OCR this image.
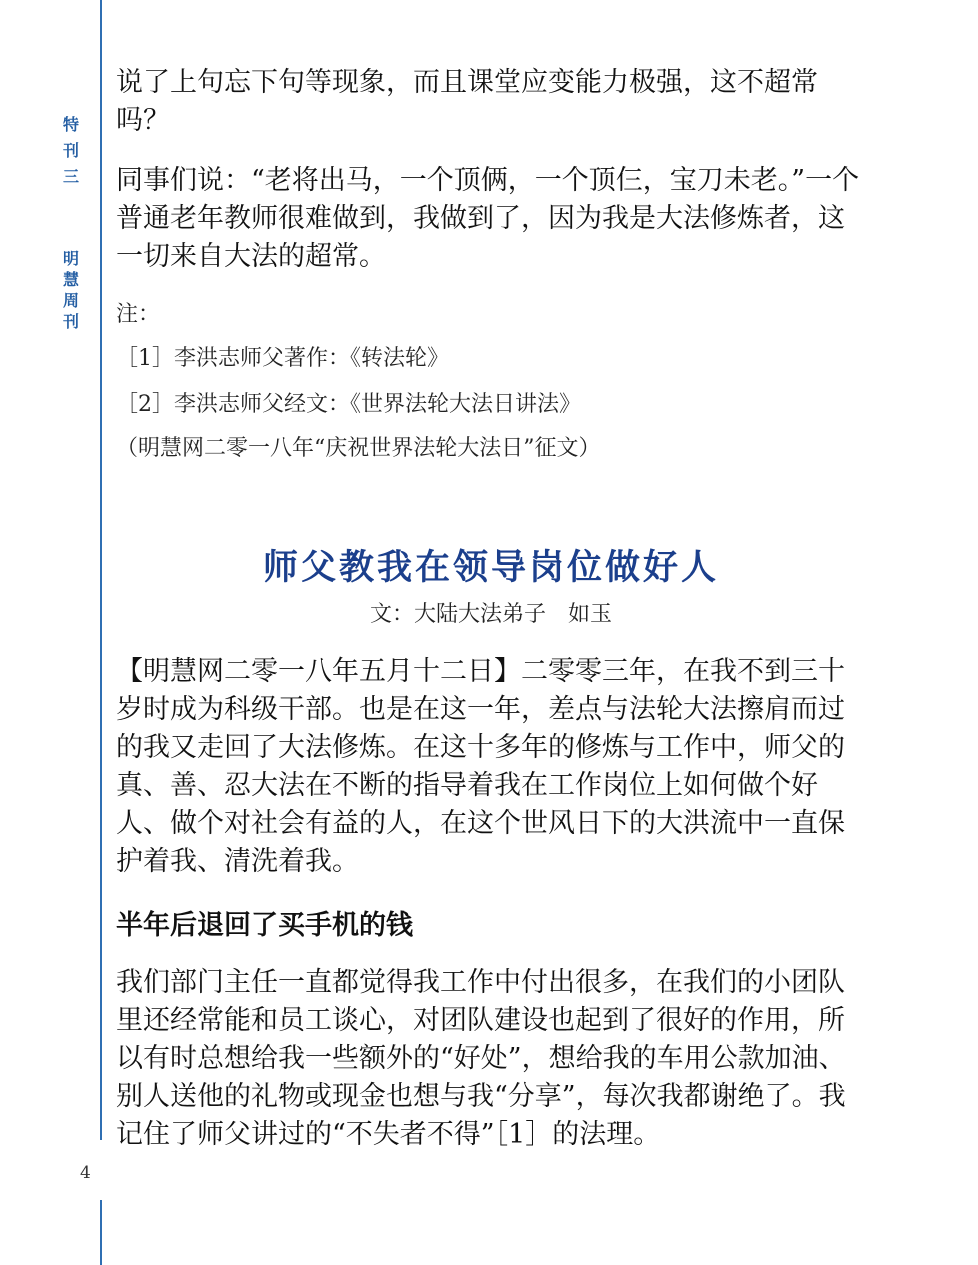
特
刊
三
明
慧
周
刊
4

说了上句忘下句等现象，而且课堂应变能力极强，这不超常吗？

同事们说：“老将出马，一个顶俩，一个顶仨，宝刀未老。”一个普通老年教师很难做到，我做到了，因为我是大法修炼者，这一切来自大法的超常。

注：

［1］李洪志师父著作：《转法轮》

［2］李洪志师父经文：《世界法轮大法日讲法》

（明慧网二零一八年“庆祝世界法轮大法日”征文）

师父教我在领导岗位做好人
文：大陆大法弟子　如玉

【明慧网二零一八年五月十二日】二零零三年，在我不到三十岁时成为科级干部。也是在这一年，差点与法轮大法擦肩而过的我又走回了大法修炼。在这十多年的修炼与工作中，师父的真、善、忍大法在不断的指导着我在工作岗位上如何做个好人、做个对社会有益的人，在这个世风日下的大洪流中一直保护着我、清洗着我。

半年后退回了买手机的钱

我们部门主任一直都觉得我工作中付出很多，在我们的小团队里还经常能和员工谈心，对团队建设也起到了很好的作用，所以有时总想给我一些额外的“好处”，想给我的车用公款加油、别人送他的礼物或现金也想与我“分享”，每次我都谢绝了。我记住了师父讲过的“不失者不得”［1］的法理。
